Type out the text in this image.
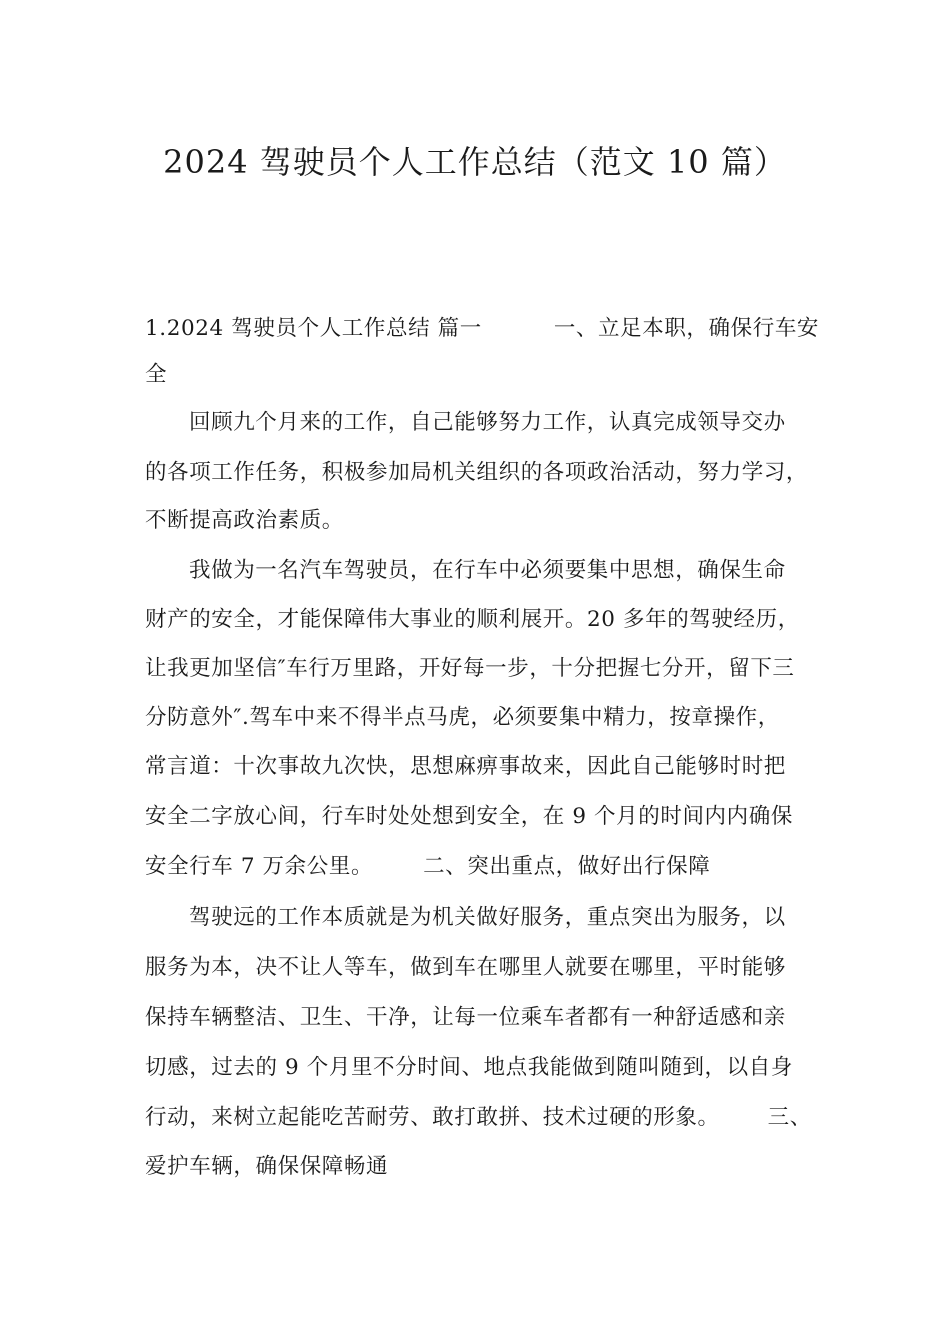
2024 驾驶员个人工作总结（范文 10 篇）
1.2024 驾驶员个人工作总结 篇一	一、立足本职，确保行车安
全
回顾九个月来的工作，自己能够努力工作，认真完成领导交办
的各项工作任务，积极参加局机关组织的各项政治活动，努力学习，
不断提高政治素质。
我做为一名汽车驾驶员，在行车中必须要集中思想，确保生命
财产的安全，才能保障伟大事业的顺利展开。20 多年的驾驶经历，
让我更加坚信″车行万里路，开好每一步，十分把握七分开，留下三
分防意外″.驾车中来不得半点马虎，必须要集中精力，按章操作，
常言道：十次事故九次快，思想麻痹事故来，因此自己能够时时把
安全二字放心间，行车时处处想到安全，在 9 个月的时间内内确保
安全行车 7 万余公里。 二、突出重点，做好出行保障
驾驶远的工作本质就是为机关做好服务，重点突出为服务，以
服务为本，决不让人等车，做到车在哪里人就要在哪里，平时能够
保持车辆整洁、卫生、干净，让每一位乘车者都有一种舒适感和亲
切感，过去的 9 个月里不分时间、地点我能做到随叫随到，以自身
行动，来树立起能吃苦耐劳、敢打敢拼、技术过硬的形象。 三、
爱护车辆，确保保障畅通
